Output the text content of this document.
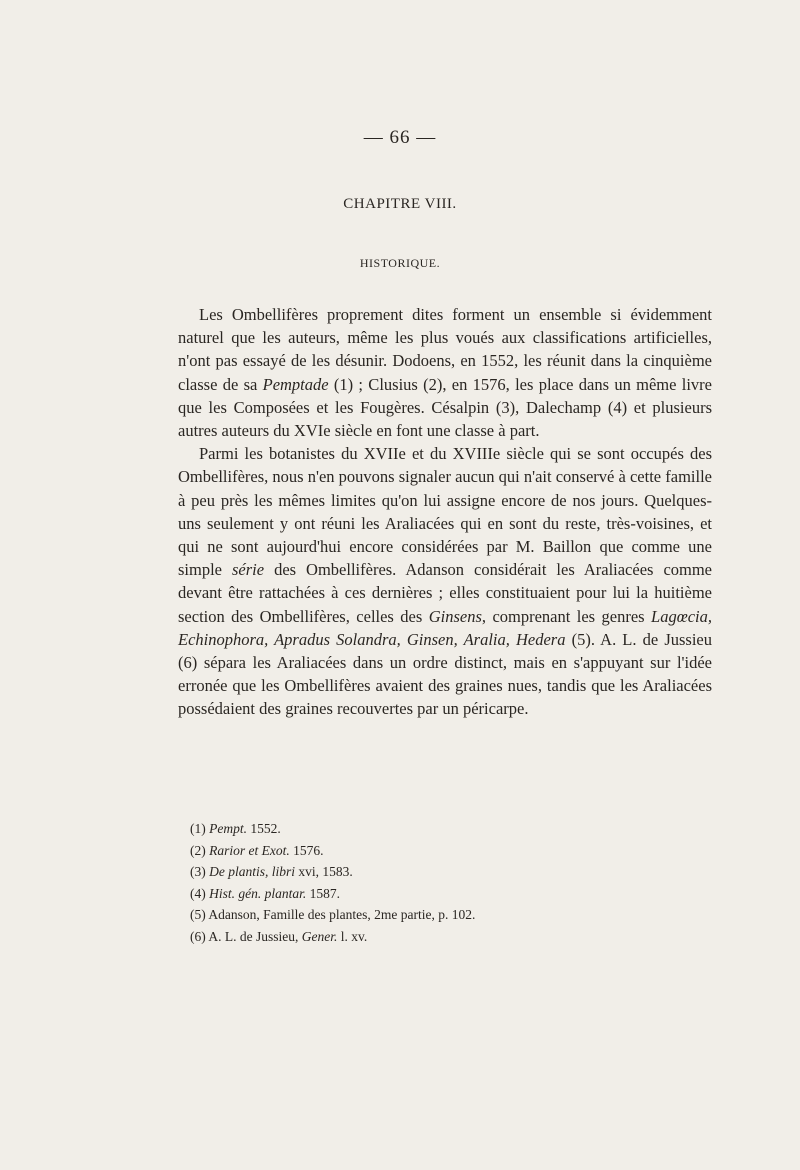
— 66 —
CHAPITRE VIII.
HISTORIQUE.

Les Ombellifères proprement dites forment un ensemble si évidemment naturel que les auteurs, même les plus voués aux classifications artificielles, n'ont pas essayé de les désunir. Dodoens, en 1552, les réunit dans la cinquième classe de sa Pemptade (1) ; Clusius (2), en 1576, les place dans un même livre que les Composées et les Fougères. Césalpin (3), Dalechamp (4) et plusieurs autres auteurs du XVIe siècle en font une classe à part.

Parmi les botanistes du XVIIe et du XVIIIe siècle qui se sont occupés des Ombellifères, nous n'en pouvons signaler aucun qui n'ait conservé à cette famille à peu près les mêmes limites qu'on lui assigne encore de nos jours. Quelques-uns seulement y ont réuni les Araliacées qui en sont du reste, très-voisines, et qui ne sont aujourd'hui encore considérées par M. Baillon que comme une simple série des Ombellifères. Adanson considérait les Araliacées comme devant être rattachées à ces dernières ; elles constituaient pour lui la huitième section des Ombellifères, celles des Ginsens, comprenant les genres Lagœcia, Echinophora, Apradus Solandra, Ginsen, Aralia, Hedera (5). A. L. de Jussieu (6) sépara les Araliacées dans un ordre distinct, mais en s'appuyant sur l'idée erronée que les Ombellifères avaient des graines nues, tandis que les Araliacées possédaient des graines recouvertes par un péricarpe.

(1) Pempt. 1552.
(2) Rarior et Exot. 1576.
(3) De plantis, libri xvi, 1583.
(4) Hist. gén. plantar. 1587.
(5) Adanson, Famille des plantes, 2me partie, p. 102.
(6) A. L. de Jussieu, Gener. l. xv.
